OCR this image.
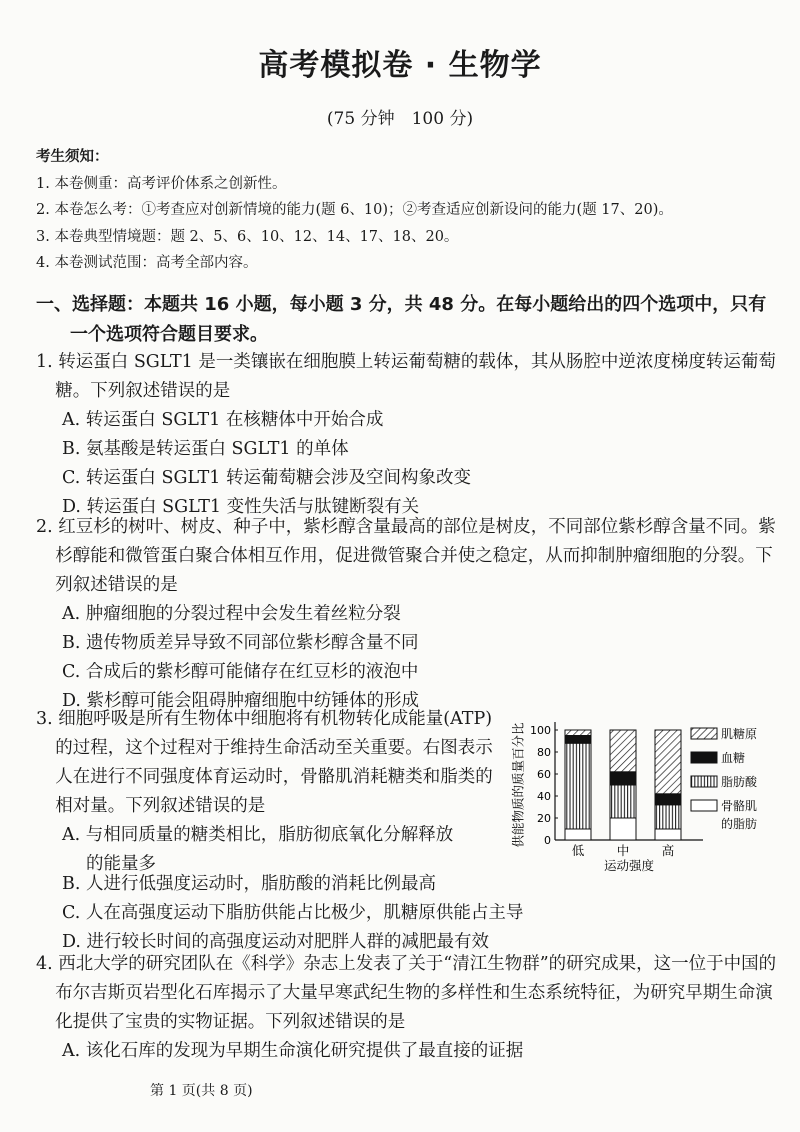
高考模拟卷 · 生物学
(75 分钟　100 分)
考生须知：
1. 本卷侧重：高考评价体系之创新性。
2. 本卷怎么考：①考查应对创新情境的能力(题 6、10)；②考查适应创新设问的能力(题 17、20)。
3. 本卷典型情境题：题 2、5、6、10、12、14、17、18、20。
4. 本卷测试范围：高考全部内容。
一、选择题：本题共 16 小题，每小题 3 分，共 48 分。在每小题给出的四个选项中，只有
一个选项符合题目要求。
1. 转运蛋白 SGLT1 是一类镶嵌在细胞膜上转运葡萄糖的载体，其从肠腔中逆浓度梯度转运葡萄糖。下列叙述错误的是
A. 转运蛋白 SGLT1 在核糖体中开始合成
B. 氨基酸是转运蛋白 SGLT1 的单体
C. 转运蛋白 SGLT1 转运葡萄糖会涉及空间构象改变
D. 转运蛋白 SGLT1 变性失活与肽键断裂有关
2. 红豆杉的树叶、树皮、种子中，紫杉醇含量最高的部位是树皮，不同部位紫杉醇含量不同。紫杉醇能和微管蛋白聚合体相互作用，促进微管聚合并使之稳定，从而抑制肿瘤细胞的分裂。下列叙述错误的是
A. 肿瘤细胞的分裂过程中会发生着丝粒分裂
B. 遗传物质差异导致不同部位紫杉醇含量不同
C. 合成后的紫杉醇可能储存在红豆杉的液泡中
D. 紫杉醇可能会阻碍肿瘤细胞中纺锤体的形成
3. 细胞呼吸是所有生物体中细胞将有机物转化成能量(ATP)的过程，这个过程对于维持生命活动至关重要。右图表示人在进行不同强度体育运动时，骨骼肌消耗糖类和脂类的相对量。下列叙述错误的是
A. 与相同质量的糖类相比，脂肪彻底氧化分解释放
的能量多
B. 人进行低强度运动时，脂肪酸的消耗比例最高
C. 人在高强度运动下脂肪供能占比极少，肌糖原供能占主导
D. 进行较长时间的高强度运动对肥胖人群的减肥最有效
4. 西北大学的研究团队在《科学》杂志上发表了关于“清江生物群”的研究成果，这一位于中国的布尔吉斯页岩型化石库揭示了大量早寒武纪生物的多样性和生态系统特征，为研究早期生命演化提供了宝贵的实物证据。下列叙述错误的是
A. 该化石库的发现为早期生命演化研究提供了最直接的证据
供能物质的质量百分比 0
20
40
60
80
100
低	中	高
运动强度
肌糖原
血糖
脂肪酸
骨骼肌
的脂肪
第 1 页(共 8 页)
